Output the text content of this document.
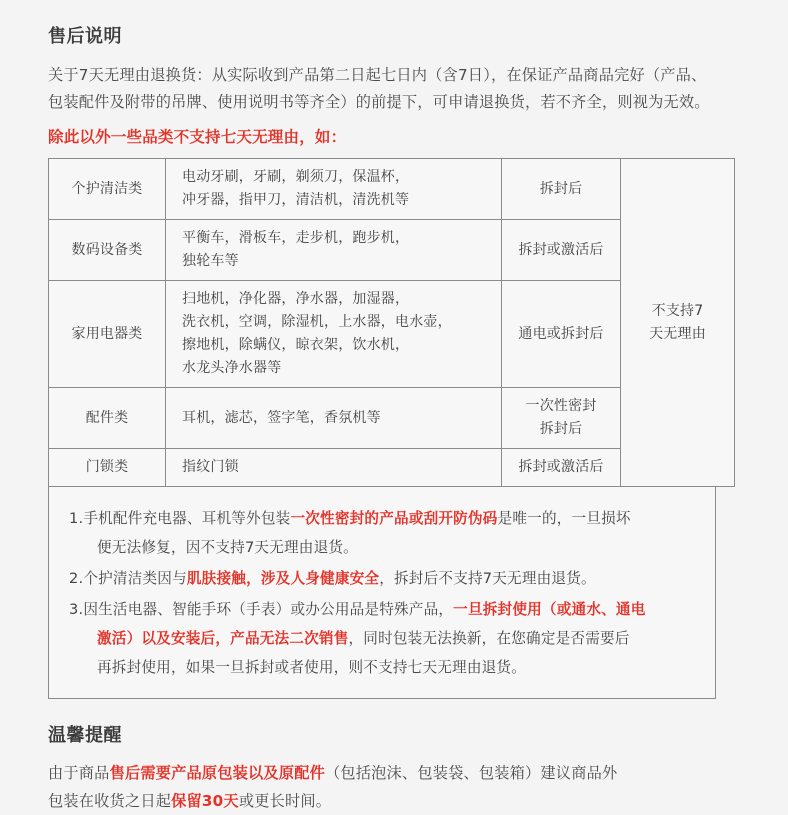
售后说明
关于7天无理由退换货：从实际收到产品第二日起七日内（含7日），在保证产品商品完好（产品、
包装配件及附带的吊牌、使用说明书等齐全）的前提下，可申请退换货，若不齐全，则视为无效。
除此以外一些品类不支持七天无理由，如：
个护清洁类	电动牙刷，牙刷，剃须刀，保温杯，
冲牙器，指甲刀，清洁机，清洗机等	拆封后	不支持7
天无理由

数码设备类	平衡车，滑板车，走步机，跑步机，
独轮车等	拆封或激活后	

家用电器类	扫地机，净化器，净水器，加湿器，
洗衣机，空调，除湿机，上水器，电水壶，
擦地机，除螨仪，晾衣架，饮水机，
水龙头净水器等	通电或拆封后	

配件类	耳机，滤芯，签字笔，香氛机等	一次性密封
拆封后	

门锁类	指纹门锁	拆封或激活后	
1.手机配件充电器、耳机等外包装一次性密封的产品或刮开防伪码是唯一的，一旦损坏
便无法修复，因不支持7天无理由退货。
2.个护清洁类因与肌肤接触，涉及人身健康安全，拆封后不支持7天无理由退货。
3.因生活电器、智能手环（手表）或办公用品是特殊产品，一旦拆封使用（或通水、通电
激活）以及安装后，产品无法二次销售，同时包装无法换新，在您确定是否需要后
再拆封使用，如果一旦拆封或者使用，则不支持七天无理由退货。
温馨提醒
由于商品售后需要产品原包装以及原配件（包括泡沫、包装袋、包装箱）建议商品外
包装在收货之日起保留30天或更长时间。
